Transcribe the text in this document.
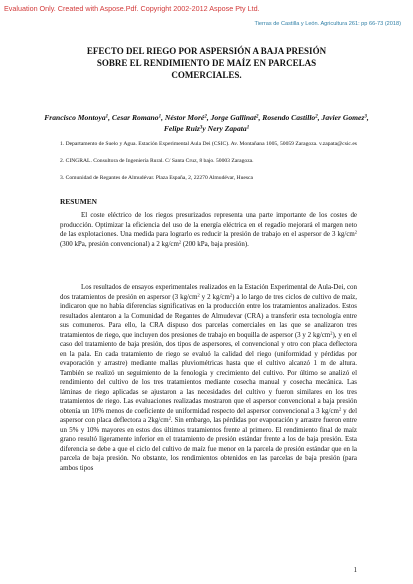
Evaluation Only. Created with Aspose.Pdf. Copyright 2002-2012 Aspose Pty Ltd.
Tierras de Castilla y León. Agricultura 261: pp 66-73 (2018)
EFECTO DEL RIEGO POR ASPERSIÓN A BAJA PRESIÓN
SOBRE EL RENDIMIENTO DE MAÍZ EN PARCELAS
COMERCIALES.
Francisco Montoya$^1$, Cesar Romano$^1$, Néstor Moré$^2$, Jorge Gallinat$^2$, Rosendo Castillo$^2$, Javier Gomez$^3$, Felipe Ruiz$^3$y Nery Zapata$^1$

1. Departamento de Suelo y Agua. Estación Experimental Aula Dei (CSIC). Av. Montañana 1005, 50059 Zaragoza. v.zapata@csic.es

2. CINGRAL. Consultora de Ingeniería Rural. C/ Santa Cruz, 8 bajo. 50003 Zaragoza.

3. Comunidad de Regantes de Almudévar. Plaza España, 2, 22270 Almudévar, Huesca

RESUMEN

El coste eléctrico de los riegos presurizados representa una parte importante de los costes de producción. Optimizar la eficiencia del uso de la energía eléctrica en el regadío mejorará el margen neto de las explotaciones. Una medida para lograrlo es reducir la presión de trabajo en el aspersor de 3 $kg/cm^2$ (300 kPa, presión convencional) a 2 $kg/cm^2$ (200 kPa, baja presión).

Los resultados de ensayos experimentales realizados en la Estación Experimental de Aula-Dei, con dos tratamientos de presión en aspersor (3 $kg/cm^2$ y 2 $kg/cm^2$) a lo largo de tres ciclos de cultivo de maíz, indicaron que no había diferencias significativas en la producción entre los tratamientos analizados. Estos resultados alentaron a la Comunidad de Regantes de Almudevar (CRA) a transferir esta tecnología entre sus comuneros. Para ello, la CRA dispuso dos parcelas comerciales en las que se analizaron tres tratamientos de riego, que incluyen dos presiones de trabajo en boquilla de aspersor (3 y 2 $kg/cm^2$), y en el caso del tratamiento de baja presión, dos tipos de aspersores, el convencional y otro con placa deflectora en la pala. En cada tratamiento de riego se evaluó la calidad del riego (uniformidad y pérdidas por evaporación y arrastre) mediante mallas pluviométricas hasta que el cultivo alcanzó 1 m de altura. También se realizó un seguimiento de la fenología y crecimiento del cultivo. Por último se analizó el rendimiento del cultivo de los tres tratamientos mediante cosecha manual y cosecha mecánica. Las láminas de riego aplicadas se ajustaron a las necesidades del cultivo y fueron similares en los tres tratamientos de riego. Las evaluaciones realizadas mostraron que el aspersor convencional a baja presión obtenía un 10% menos de coeficiente de uniformidad respecto del aspersor convencional a 3 $kg/cm^2$ y del aspersor con placa deflectora a $2kg/cm^2$. Sin embargo, las pérdidas por evaporación y arrastre fueron entre un 5% y 10% mayores en estos dos últimos tratamientos frente al primero. El rendimiento final de maíz grano resultó ligeramente inferior en el tratamiento de presión estándar frente a los de baja presión. Esta diferencia se debe a que el ciclo del cultivo de maíz fue menor en la parcela de presión estándar que en la parcela de baja presión. No obstante, los rendimientos obtenidos en las parcelas de baja presión (para ambos tipos

1
